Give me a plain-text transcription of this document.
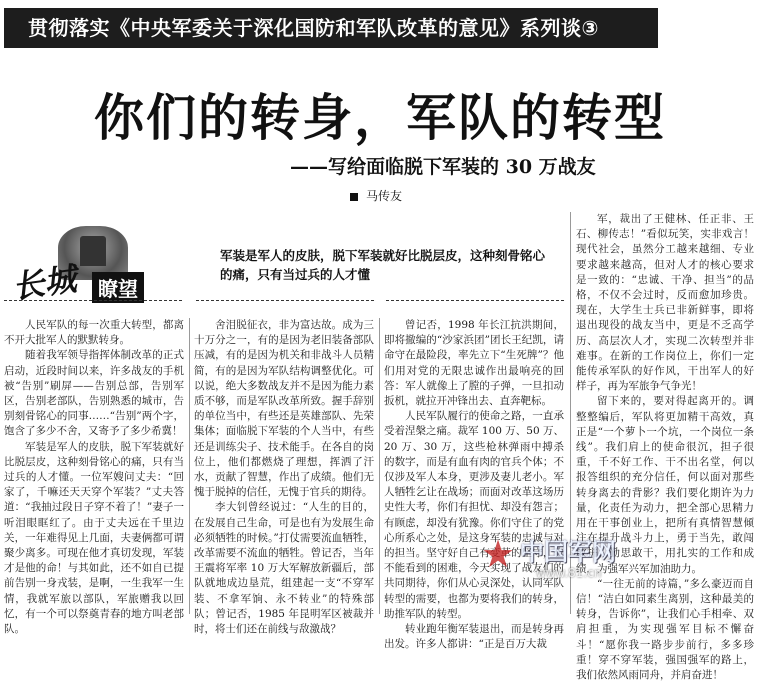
贯彻落实《中央军委关于深化国防和军队改革的意见》系列谈③
你们的转身，军队的转型
——写给面临脱下军装的 30 万战友
马传友
长城 瞭望
军装是军人的皮肤，脱下军装就好比脱层皮，这种刻骨铭心的痛，只有当过兵的人才懂

人民军队的每一次重大转型，都离不开大批军人的默默转身。

随着我军领导指挥体制改革的正式启动，近段时间以来，许多战友的手机被“告别”刷屏——告别总部，告别军区，告别老部队，告别熟悉的城市，告别刻骨铭心的同事……“告别”两个字，饱含了多少不舍，又寄予了多少希冀！

军装是军人的皮肤，脱下军装就好比脱层皮，这种刻骨铭心的痛，只有当过兵的人才懂。一位军嫂问丈夫：“回家了，千嘛还天天穿个军装？”丈夫答道：“我抽过段日子穿不着了！”妻子一听泪眼眶红了。由于丈夫远在千里边关，一年难得见上几面，夫妻俩都可谓聚少离多。可现在他才真切发现，军装才是他的命！与其如此，还不如自已提前告别一身戎装，是啊，一生我军一生情，我就军旅以部队，军旅赠我以回忆，有一个可以祭奠青春的地方叫老部队。

舍泪脱征衣，非为富达故。成为三十万分之一，有的是因为老旧装备部队压减，有的是因为机关和非战斗人员精简，有的是因为军队结构调整优化。可以说，绝大多数战友并不是因为能力素质不够，而是军队改革所致。握手辞别的单位当中，有些还是英雄部队、先荣集体；面临脱下军装的个人当中，有些还是训练尖子、技术能手。在各自的岗位上，他们都燃烧了理想，挥洒了汗水，贡献了智慧，作出了成绩。他们无愧于脱掉的信任，无愧于官兵的期待。

李大钊曾经说过：“人生的目的，在发展自己生命，可是也有为发展生命必须牺牲的时候。”打仗需要流血牺牲，改革需要不流血的牺牲。曾记否，当年王震将军率 10 万大军解放新疆后，部队就地成边垦荒，组建起一支“不穿军装、不拿军饷、永不转业”的特殊部队；曾记否，1985 年昆明军区被裁并时，将士们还在前线与敌激战？

曾记否，1998 年长江抗洪期间，即将撤编的“沙家浜团”团长王纪凯，请命守在最险段，率先立下“生死牌”？他们用对党的无限忠诚作出最响亮的回答：军人就像上了膛的子弹，一旦扣动扳机，就拉开冲锋出去、直奔靶标。

人民军队履行的使命之路，一直承受着涅槃之痛。裁军 100 万、50 万、20 万、30 万，这些枪林弹雨中搏杀的数字，而是有血有肉的官兵个体；不仅涉及军人本身，更涉及妻儿老小。军人牺牲乞让在战场；而面对改革这场历史性大考，你们有担忧、却没有怨言；有顾虑，却没有犹豫。你们守住了的党心所系心之处，是这身军装的忠诚与对的担当。坚守好自己有变革的坚守，也不能看到的困难，今天实现了战友们的共同期待，你们从心灵深处，认同军队转型的需要，也都为要将我们的转身，助推军队的转型。

转业跑年衡军装退出，而是转身再出发。许多人都讲：“正是百万大裁

军，裁出了王健林、任正非、王石、柳传志！”看似玩笑，实非戏言！现代社会，虽然分工越来越细、专业要求越来越高，但对人才的核心要求是一致的：“忠诚、干净、担当”的品格，不仅不会过时，反而愈加珍贵。现在，大学生士兵已非新鲜事，即将退出现役的战友当中，更是不乏高学历、高层次人才，实现二次转型并非难事。在新的工作岗位上，你们一定能传承军队的好作风，干出军人的好样子，再为军旅争气争光！

留下来的，要对得起离开的。调整整编后，军队将更加精干高效，真正是“一个萝卜一个坑，一个岗位一条线”。我们肩上的使命很沉，担子很重，千不好工作、干不出名堂，何以报答组织的充分信任，何以面对那些转身离去的背影？我们要化期许为力量，化责任为动力，把全部心思精力用在干事创业上，把所有真情智慧倾注在提升战斗力上，勇于当先，敢闯敢拼，勤思敢干，用扎实的工作和成绩，为强军兴军加油助力。

“一往无前的诗篇，”多么豪迈而自信！“洁白如同素生离别，这种最美的转身，告诉你”，让我们心手相牵、双肩担重，为实现强军目标不懈奋斗！“愿你我一路步步前行，多多珍重！穿不穿军装，强国强军的路上，我们依然风雨同舟，并肩奋进！

★ 中国军网
www.81.cn
